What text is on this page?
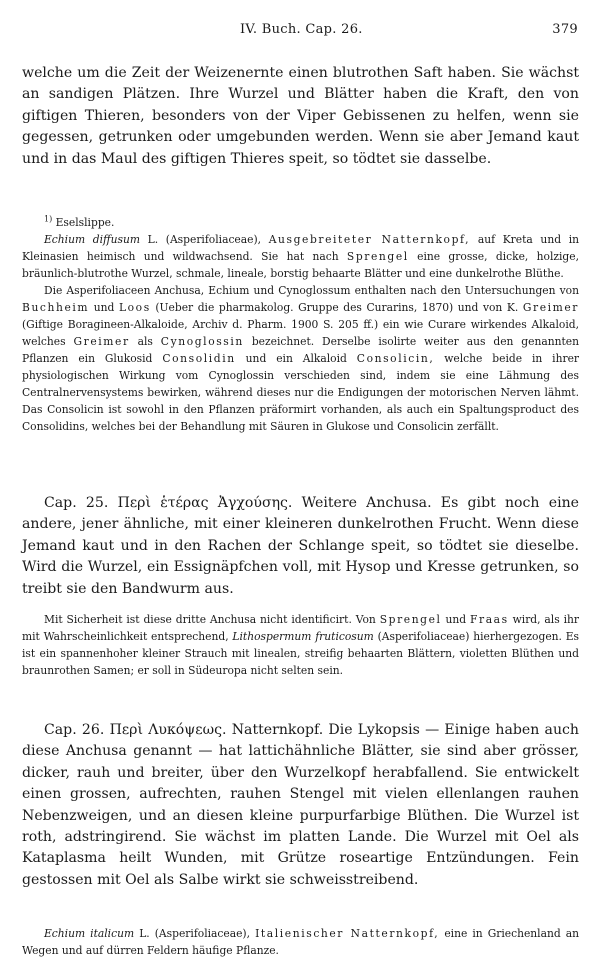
IV. Buch. Cap. 26.	379

welche um die Zeit der Weizenernte einen blutrothen Saft haben. Sie wächst an sandigen Plätzen. Ihre Wurzel und Blätter haben die Kraft, den von giftigen Thieren, besonders von der Viper Gebissenen zu helfen, wenn sie gegessen, getrunken oder umgebunden werden. Wenn sie aber Jemand kaut und in das Maul des giftigen Thieres speit, so tödtet sie dasselbe.

$^{1)}$ Eselslippe.

Echium diffusum L. (Asperifoliaceae), Ausgebreiteter Natternkopf, auf Kreta und in Kleinasien heimisch und wildwachsend. Sie hat nach Sprengel eine grosse, dicke, holzige, bräunlich-blutrothe Wurzel, schmale, lineale, borstig behaarte Blätter und eine dunkelrothe Blüthe.

Die Asperifoliaceen Anchusa, Echium und Cynoglossum enthalten nach den Untersuchungen von Buchheim und Loos (Ueber die pharmakolog. Gruppe des Curarins, 1870) und von K. Greimer (Giftige Boragineen-Alkaloide, Archiv d. Pharm. 1900 S. 205 ff.) ein wie Curare wirkendes Alkaloid, welches Greimer als Cynoglossin bezeichnet. Derselbe isolirte weiter aus den genannten Pflanzen ein Glukosid Consolidin und ein Alkaloid Consolicin, welche beide in ihrer physiologischen Wirkung vom Cynoglossin verschieden sind, indem sie eine Lähmung des Centralnervensystems bewirken, während dieses nur die Endigungen der motorischen Nerven lähmt. Das Consolicin ist sowohl in den Pflanzen präformirt vorhanden, als auch ein Spaltungsproduct des Consolidins, welches bei der Behandlung mit Säuren in Glukose und Consolicin zerfällt.

Cap. 25. Περὶ ἑτέρας Ἀγχούσης. Weitere Anchusa. Es gibt noch eine andere, jener ähnliche, mit einer kleineren dunkelrothen Frucht. Wenn diese Jemand kaut und in den Rachen der Schlange speit, so tödtet sie dieselbe. Wird die Wurzel, ein Essignäpfchen voll, mit Hysop und Kresse getrunken, so treibt sie den Bandwurm aus.

Mit Sicherheit ist diese dritte Anchusa nicht identificirt. Von Sprengel und Fraas wird, als ihr mit Wahrscheinlichkeit entsprechend, Lithospermum fruticosum (Asperifoliaceae) hierhergezogen. Es ist ein spannenhoher kleiner Strauch mit linealen, streifig behaarten Blättern, violetten Blüthen und braunrothen Samen; er soll in Südeuropa nicht selten sein.

Cap. 26. Περὶ Λυκόψεως. Natternkopf. Die Lykopsis — Einige haben auch diese Anchusa genannt — hat lattichähnliche Blätter, sie sind aber grösser, dicker, rauh und breiter, über den Wurzelkopf herabfallend. Sie entwickelt einen grossen, aufrechten, rauhen Stengel mit vielen ellenlangen rauhen Nebenzweigen, und an diesen kleine purpurfarbige Blüthen. Die Wurzel ist roth, adstringirend. Sie wächst im platten Lande. Die Wurzel mit Oel als Kataplasma heilt Wunden, mit Grütze roseartige Entzündungen. Fein gestossen mit Oel als Salbe wirkt sie schweisstreibend.

Echium italicum L. (Asperifoliaceae), Italienischer Natternkopf, eine in Griechenland an Wegen und auf dürren Feldern häufige Pflanze.
